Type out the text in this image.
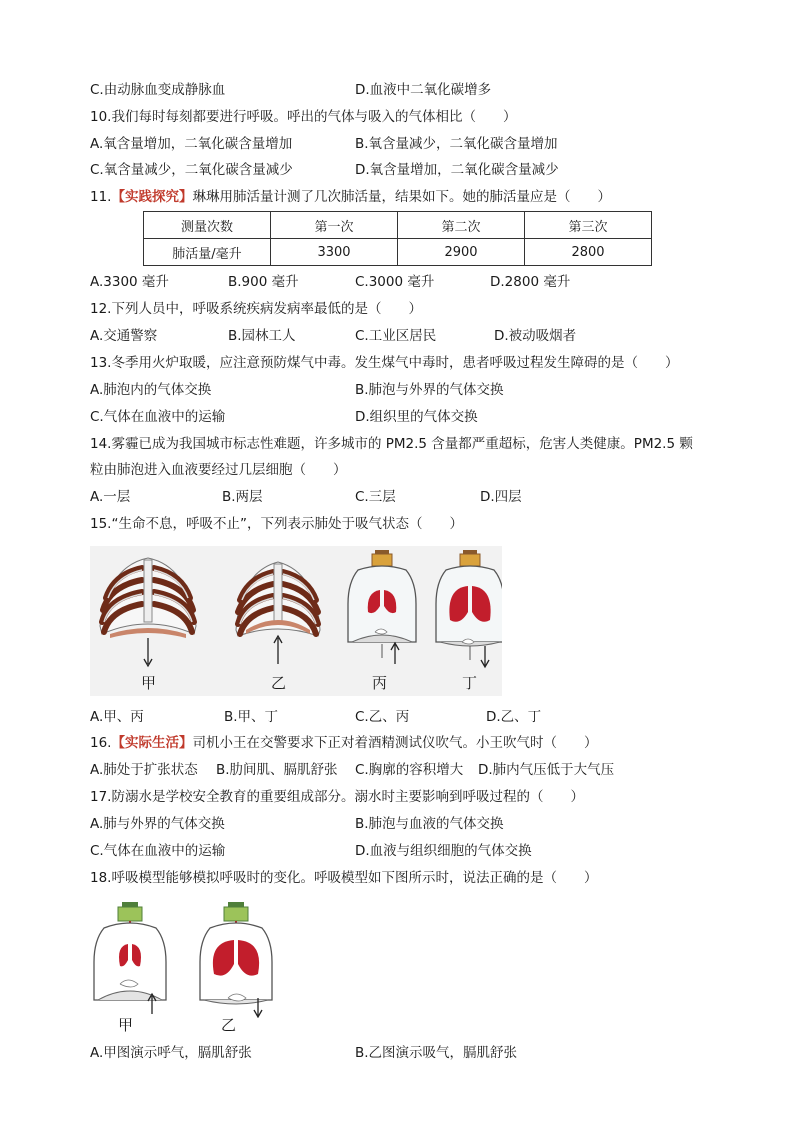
C.由动脉血变成静脉血	D.血液中二氧化碳增多
10.我们每时每刻都要进行呼吸。呼出的气体与吸入的气体相比（　　）
A.氧含量增加，二氧化碳含量增加	B.氧含量减少，二氧化碳含量增加
C.氧含量减少，二氧化碳含量减少	D.氧含量增加，二氧化碳含量减少
11.【实践探究】琳琳用肺活量计测了几次肺活量，结果如下。她的肺活量应是（　　）
测量次数	第一次	第二次	第三次
肺活量/毫升	3300	2900	2800
A.3300 毫升	B.900 毫升	C.3000 毫升	D.2800 毫升
12.下列人员中，呼吸系统疾病发病率最低的是（　　）
A.交通警察	B.园林工人	C.工业区居民	D.被动吸烟者
13.冬季用火炉取暖，应注意预防煤气中毒。发生煤气中毒时，患者呼吸过程发生障碍的是（　　）
A.肺泡内的气体交换	B.肺泡与外界的气体交换
C.气体在血液中的运输	D.组织里的气体交换
14.雾霾已成为我国城市标志性难题，许多城市的 PM2.5 含量都严重超标，危害人类健康。PM2.5 颗
粒由肺泡进入血液要经过几层细胞（　　）
A.一层	B.两层	C.三层	D.四层
15.“生命不息，呼吸不止”，下列表示肺处于吸气状态（　　）
甲	乙	丙	丁
A.甲、丙	B.甲、丁	C.乙、丙	D.乙、丁
16.【实际生活】司机小王在交警要求下正对着酒精测试仪吹气。小王吹气时（　　）
A.肺处于扩张状态 B.肋间肌、膈肌舒张 C.胸廓的容积增大 D.肺内气压低于大气压
17.防溺水是学校安全教育的重要组成部分。溺水时主要影响到呼吸过程的（　　）
A.肺与外界的气体交换	B.肺泡与血液的气体交换
C.气体在血液中的运输	D.血液与组织细胞的气体交换
18.呼吸模型能够模拟呼吸时的变化。呼吸模型如下图所示时，说法正确的是（　　）
甲	乙
A.甲图演示呼气，膈肌舒张	B.乙图演示吸气，膈肌舒张
